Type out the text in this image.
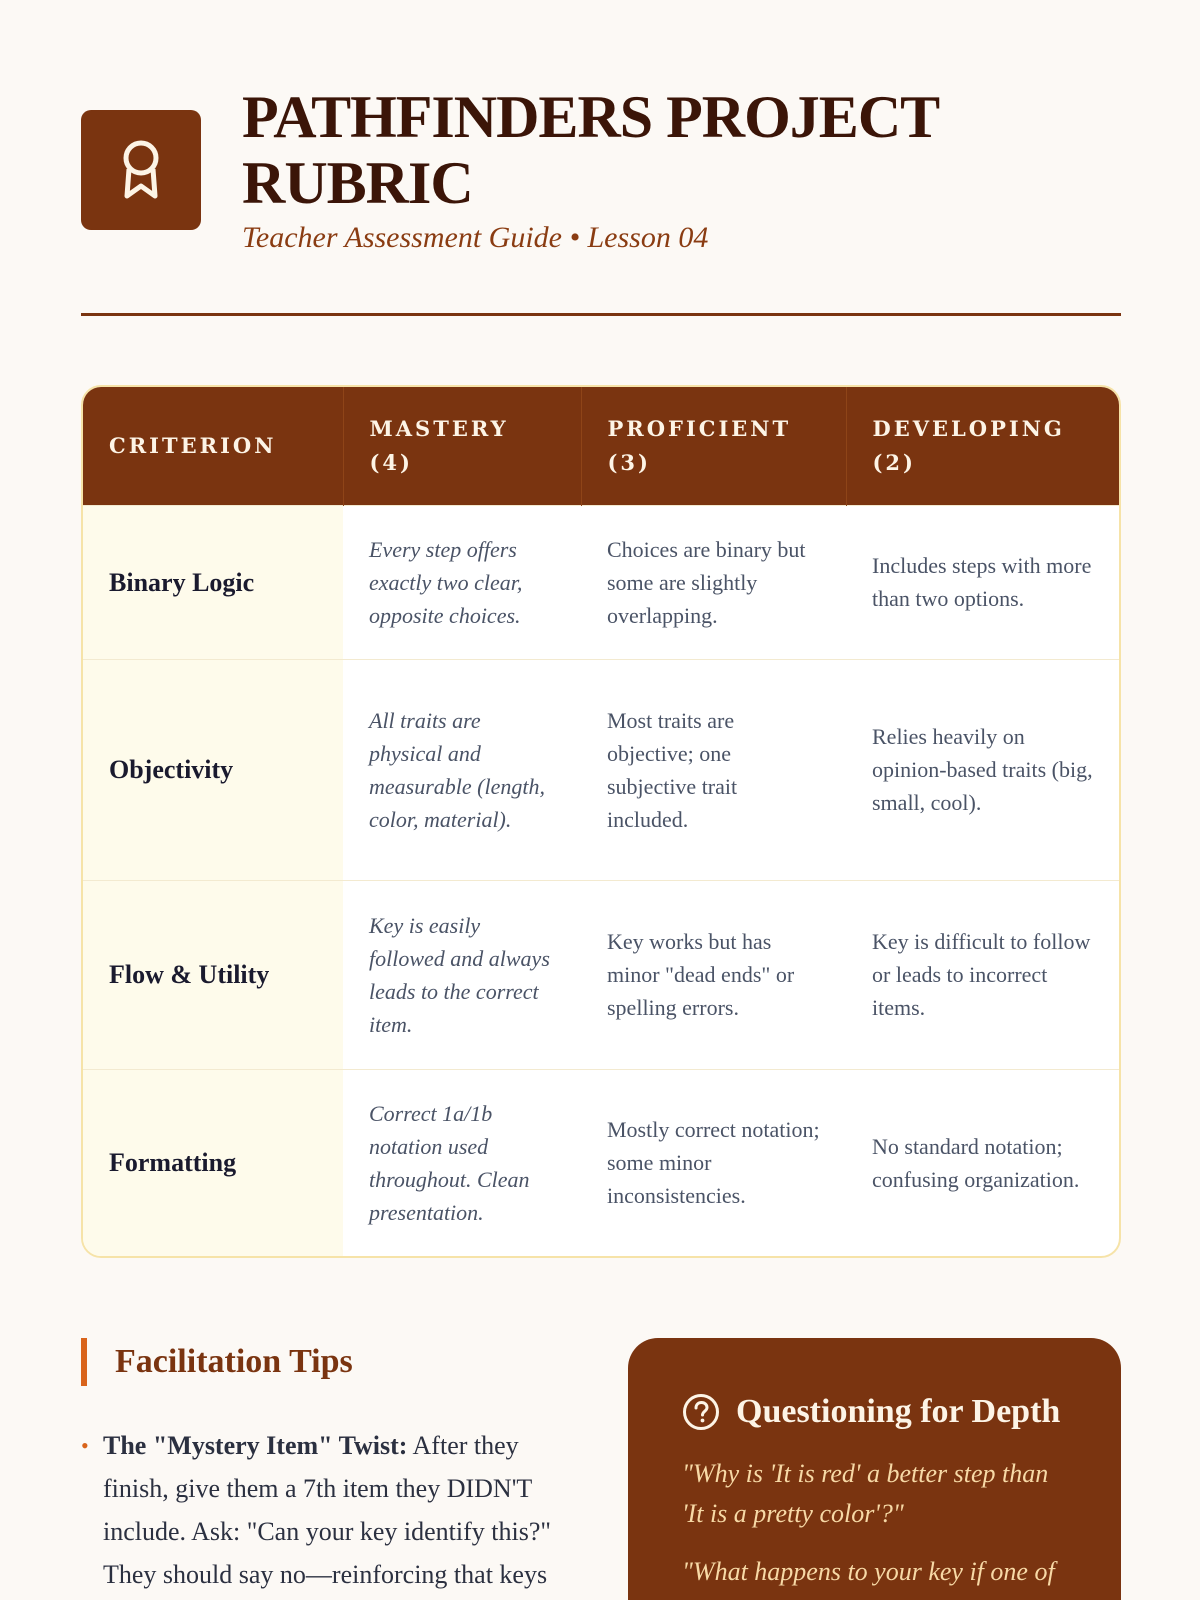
PATHFINDERS PROJECT RUBRIC
Teacher Assessment Guide • Lesson 04
CRITERION	MASTERY (4)	PROFICIENT (3)	DEVELOPING (2)
Binary Logic	Every step offers exactly two clear, opposite choices.	Choices are binary but some are slightly overlapping.	Includes steps with more than two options.
Objectivity	All traits are physical and measurable (length, color, material).	Most traits are objective; one subjective trait included.	Relies heavily on opinion-based traits (big, small, cool).
Flow & Utility	Key is easily followed and always leads to the correct item.	Key works but has minor "dead ends" or spelling errors.	Key is difficult to follow or leads to incorrect items.
Formatting	Correct 1a/1b notation used throughout. Clean presentation.	Mostly correct notation; some minor inconsistencies.	No standard notation; confusing organization.
Facilitation Tips
• The "Mystery Item" Twist: After they finish, give them a 7th item they DIDN'T include. Ask: "Can your key identify this?" They should say no—reinforcing that keys
Questioning for Depth

"Why is 'It is red' a better step than 'It is a pretty color'?"

"What happens to your key if one of
